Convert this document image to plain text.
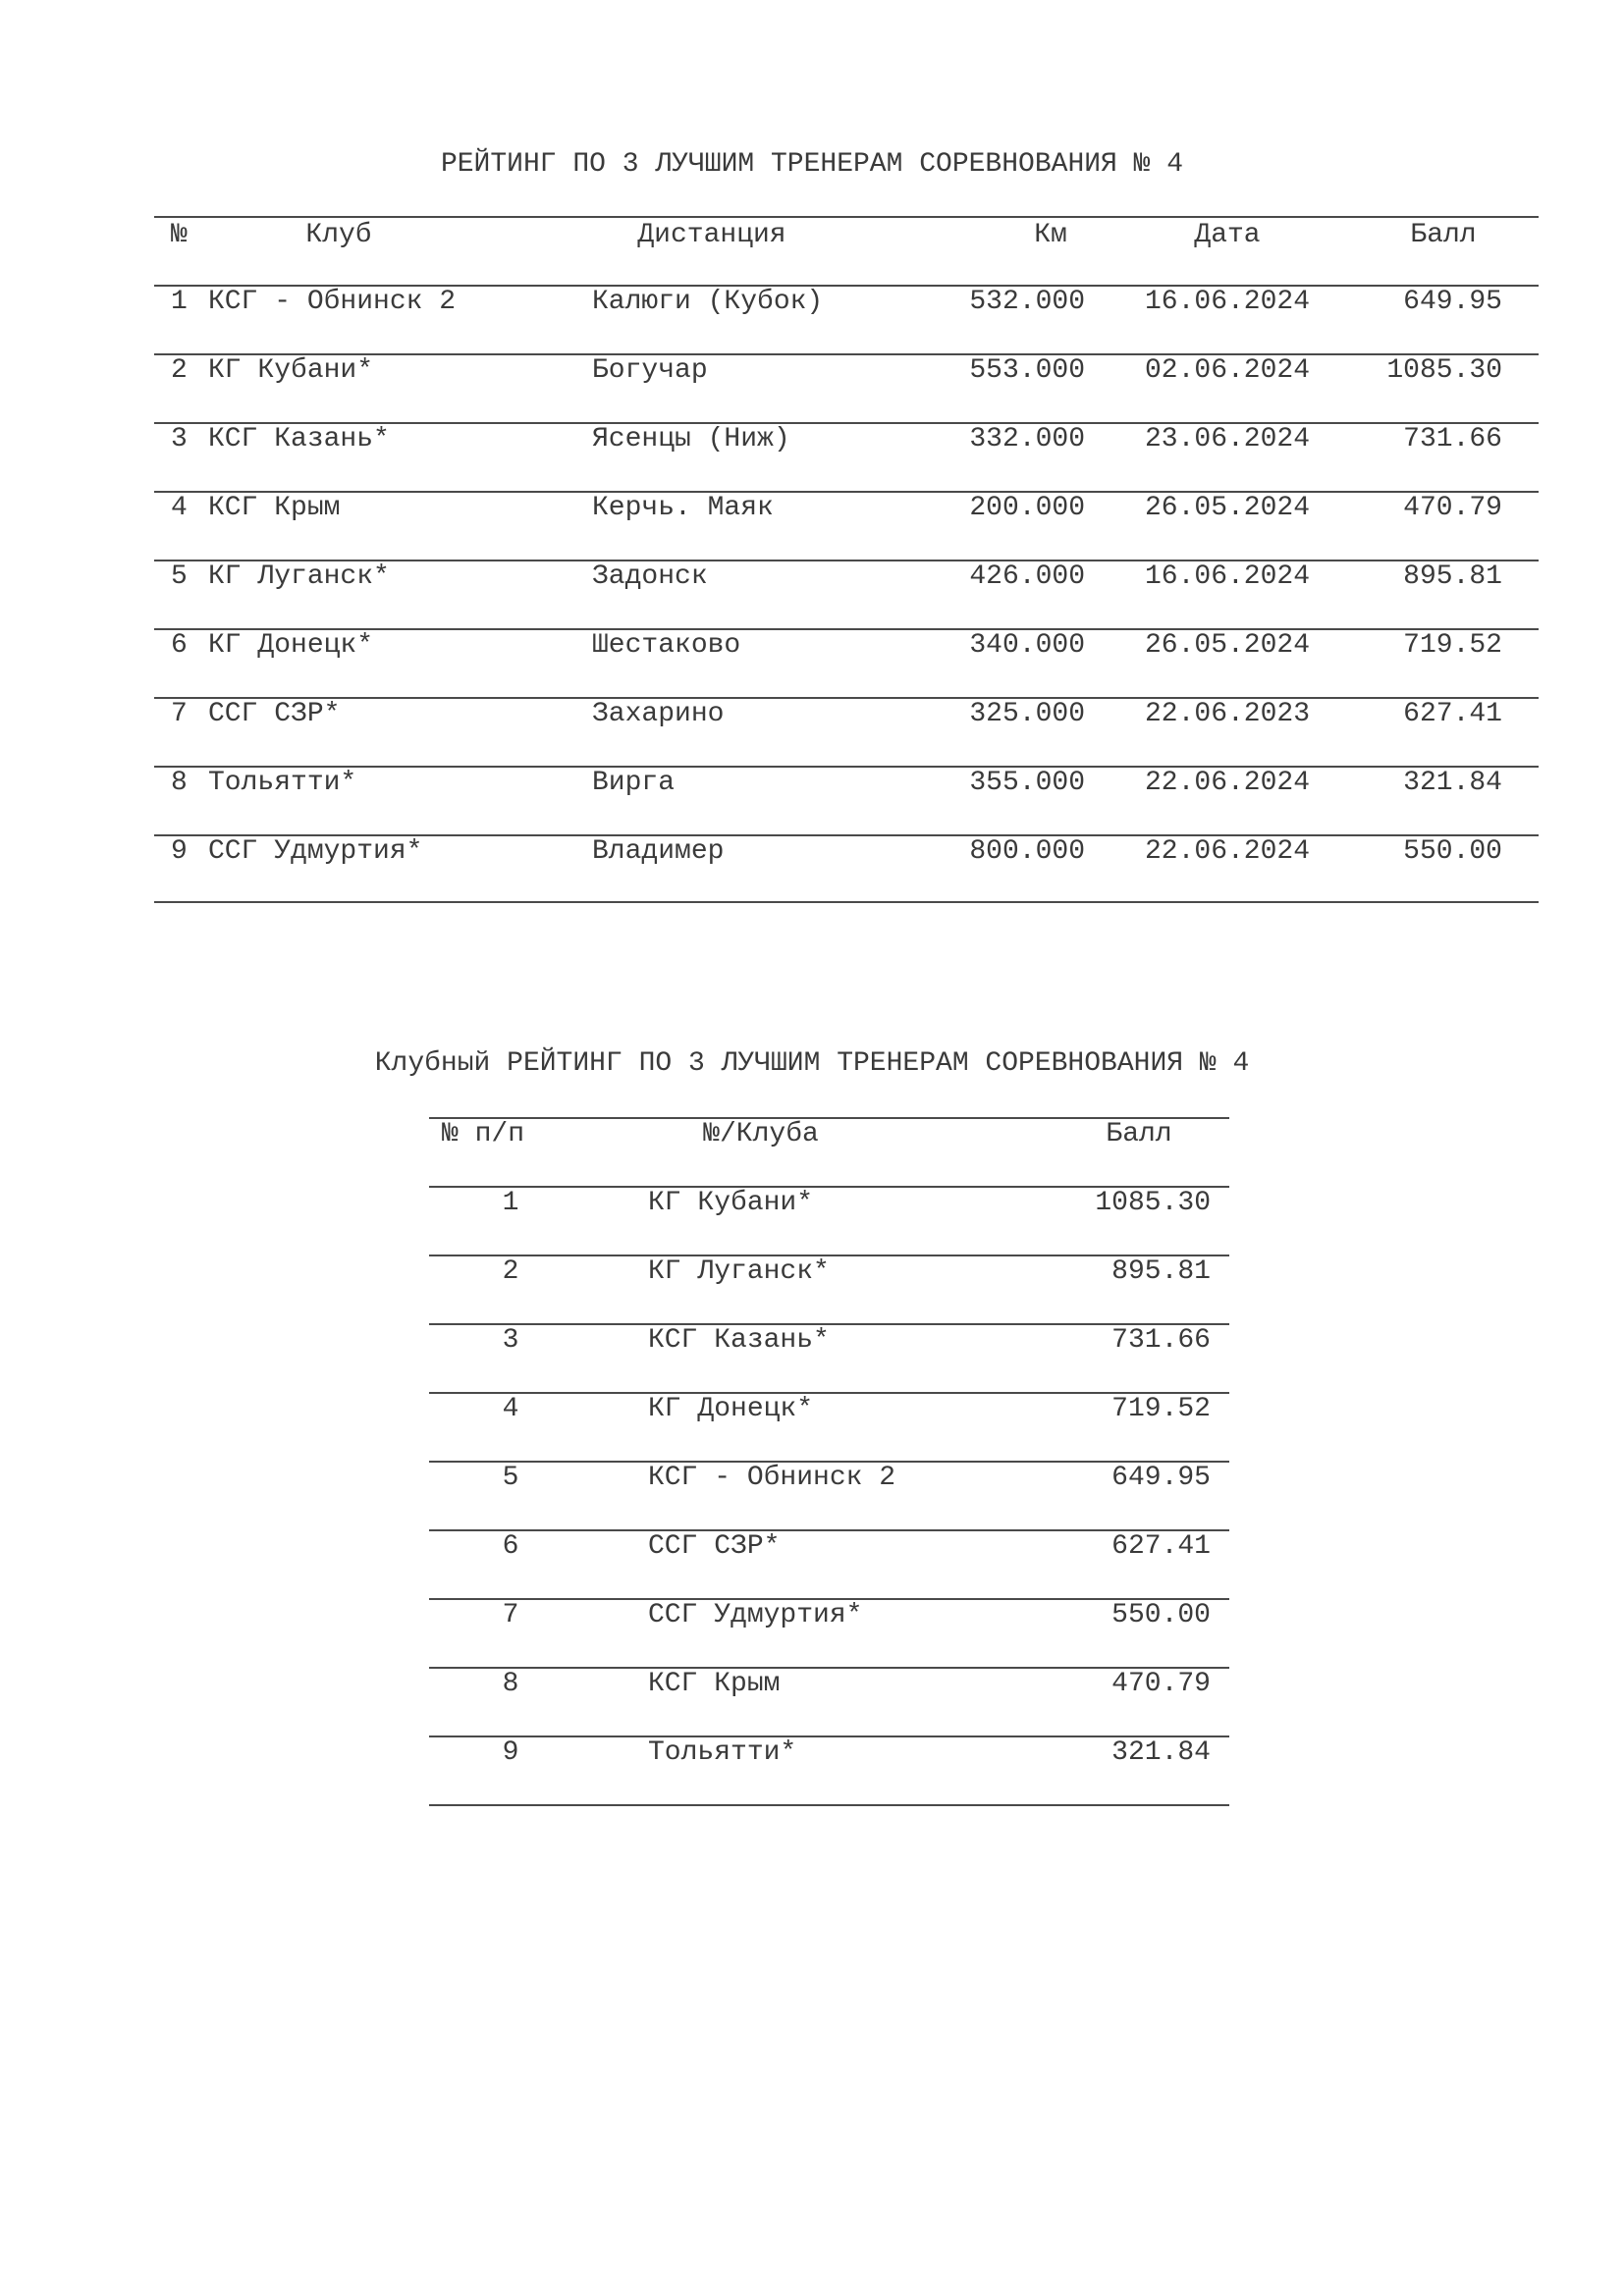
РЕЙТИНГ ПО 3 ЛУЧШИМ ТРЕНЕРАМ СОРЕВНОВАНИЯ № 4
№	Клуб	Дистанция	Км	Дата	Балл
1 КСГ - Обнинск 2	Калюги (Кубок)	532.000	16.06.2024	649.95
2 КГ Кубани*	Богучар	553.000	02.06.2024	1085.30
3 КСГ Казань*	Ясенцы (Ниж)	332.000	23.06.2024	731.66
4 КСГ Крым	Керчь. Маяк	200.000	26.05.2024	470.79
5 КГ Луганск*	Задонск	426.000	16.06.2024	895.81
6 КГ Донецк*	Шестаково	340.000	26.05.2024	719.52
7 ССГ СЗР*	Захарино	325.000	22.06.2023	627.41
8 Тольятти*	Вирга	355.000	22.06.2024	321.84
9 ССГ Удмуртия*	Владимер	800.000	22.06.2024	550.00
Клубный РЕЙТИНГ ПО 3 ЛУЧШИМ ТРЕНЕРАМ СОРЕВНОВАНИЯ № 4
№ п/п	№/Клуба	Балл
1	КГ Кубани*	1085.30
2	КГ Луганск*	895.81
3	КСГ Казань*	731.66
4	КГ Донецк*	719.52
5	КСГ - Обнинск 2	649.95
6	ССГ СЗР*	627.41
7	ССГ Удмуртия*	550.00
8	КСГ Крым	470.79
9	Тольятти*	321.84
